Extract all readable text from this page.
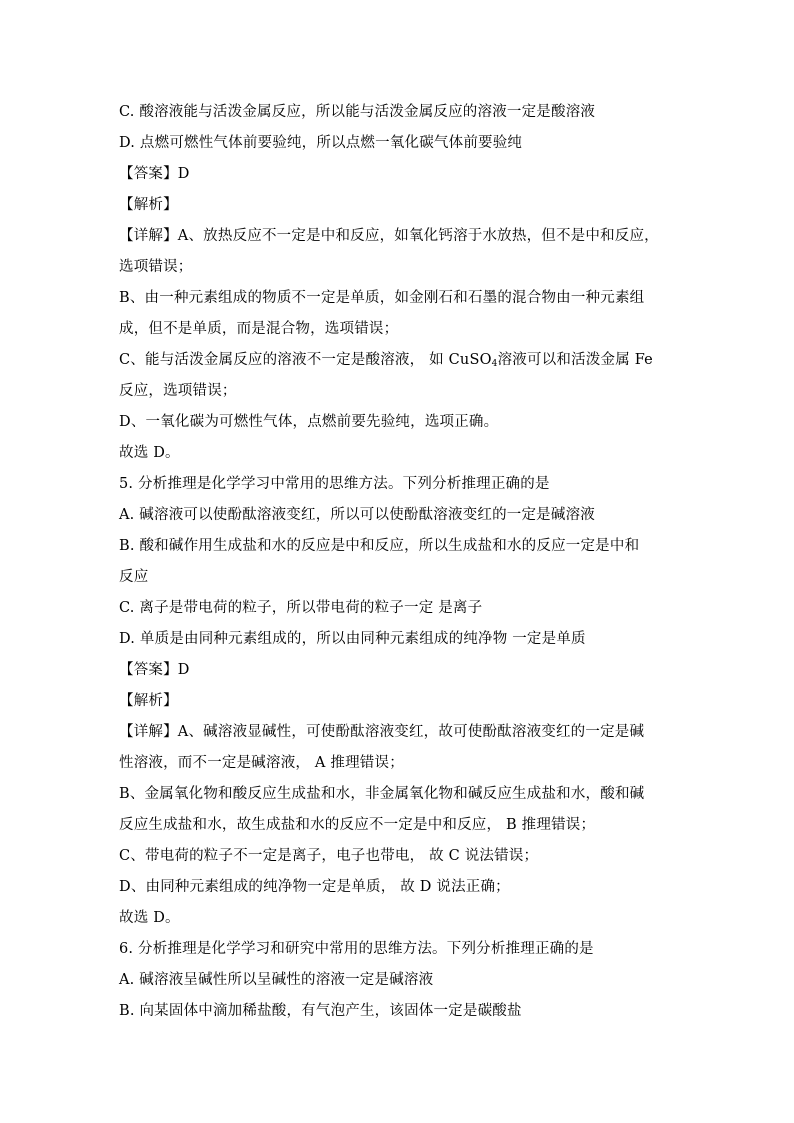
C. 酸溶液能与活泼金属反应，所以能与活泼金属反应的溶液一定是酸溶液
D. 点燃可燃性气体前要验纯，所以点燃一氧化碳气体前要验纯
【答案】D
【解析】
【详解】A、放热反应不一定是中和反应，如氧化钙溶于水放热，但不是中和反应，
选项错误；
B、由一种元素组成的物质不一定是单质，如金刚石和石墨的混合物由一种元素组
成，但不是单质，而是混合物，选项错误；
C、能与活泼金属反应的溶液不一定是酸溶液， 如 CuSO$_4$溶液可以和活泼金属 Fe
反应，选项错误；
D、一氧化碳为可燃性气体，点燃前要先验纯，选项正确。
故选 D。
5. 分析推理是化学学习中常用的思维方法。下列分析推理正确的是
A. 碱溶液可以使酚酞溶液变红，所以可以使酚酞溶液变红的一定是碱溶液
B. 酸和碱作用生成盐和水的反应是中和反应，所以生成盐和水的反应一定是中和
反应
C. 离子是带电荷的粒子，所以带电荷的粒子一定 是离子
D. 单质是由同种元素组成的，所以由同种元素组成的纯净物 一定是单质
【答案】D
【解析】
【详解】A、碱溶液显碱性，可使酚酞溶液变红，故可使酚酞溶液变红的一定是碱
性溶液，而不一定是碱溶液， A 推理错误；
B、金属氧化物和酸反应生成盐和水，非金属氧化物和碱反应生成盐和水，酸和碱
反应生成盐和水，故生成盐和水的反应不一定是中和反应， B 推理错误；
C、带电荷的粒子不一定是离子，电子也带电， 故 C 说法错误；
D、由同种元素组成的纯净物一定是单质， 故 D 说法正确；
故选 D。
6. 分析推理是化学学习和研究中常用的思维方法。下列分析推理正确的是
A. 碱溶液呈碱性所以呈碱性的溶液一定是碱溶液
B. 向某固体中滴加稀盐酸，有气泡产生，该固体一定是碳酸盐
